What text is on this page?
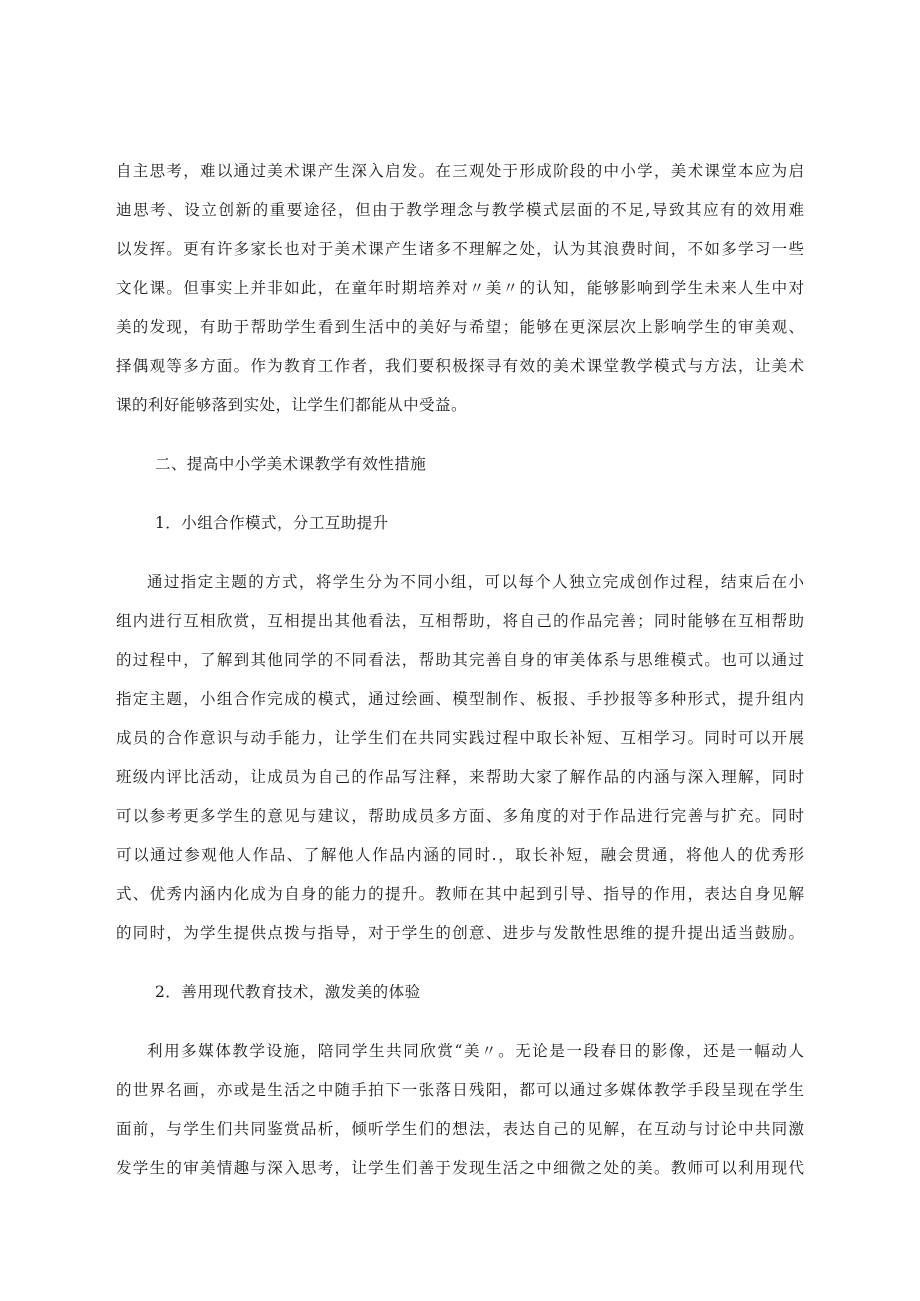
自主思考，难以通过美术课产生深入启发。在三观处于形成阶段的中小学，美术课堂本应为启
迪思考、设立创新的重要途径，但由于教学理念与教学模式层面的不足,导致其应有的效用难
以发挥。更有许多家长也对于美术课产生诸多不理解之处，认为其浪费时间，不如多学习一些
文化课。但事实上并非如此，在童年时期培养对〃美〃的认知，能够影响到学生未来人生中对
美的发现，有助于帮助学生看到生活中的美好与希望；能够在更深层次上影响学生的审美观、
择偶观等多方面。作为教育工作者，我们要积极探寻有效的美术课堂教学模式与方法，让美术
课的利好能够落到实处，让学生们都能从中受益。
二、提高中小学美术课教学有效性措施
1．小组合作模式，分工互助提升
通过指定主题的方式，将学生分为不同小组，可以每个人独立完成创作过程，结束后在小
组内进行互相欣赏，互相提出其他看法，互相帮助，将自己的作品完善；同时能够在互相帮助
的过程中，了解到其他同学的不同看法，帮助其完善自身的审美体系与思维模式。也可以通过
指定主题，小组合作完成的模式，通过绘画、模型制作、板报、手抄报等多种形式，提升组内
成员的合作意识与动手能力，让学生们在共同实践过程中取长补短、互相学习。同时可以开展
班级内评比活动，让成员为自己的作品写注释，来帮助大家了解作品的内涵与深入理解，同时
可以参考更多学生的意见与建议，帮助成员多方面、多角度的对于作品进行完善与扩充。同时
可以通过参观他人作品、了解他人作品内涵的同时.，取长补短，融会贯通，将他人的优秀形
式、优秀内涵内化成为自身的能力的提升。教师在其中起到引导、指导的作用，表达自身见解
的同时，为学生提供点拨与指导，对于学生的创意、进步与发散性思维的提升提出适当鼓励。
2．善用现代教育技术，激发美的体验
利用多媒体教学设施，陪同学生共同欣赏“美〃。无论是一段春日的影像，还是一幅动人
的世界名画，亦或是生活之中随手拍下一张落日残阳，都可以通过多媒体教学手段呈现在学生
面前，与学生们共同鉴赏品析，倾听学生们的想法，表达自己的见解，在互动与讨论中共同激
发学生的审美情趣与深入思考，让学生们善于发现生活之中细微之处的美。教师可以利用现代
